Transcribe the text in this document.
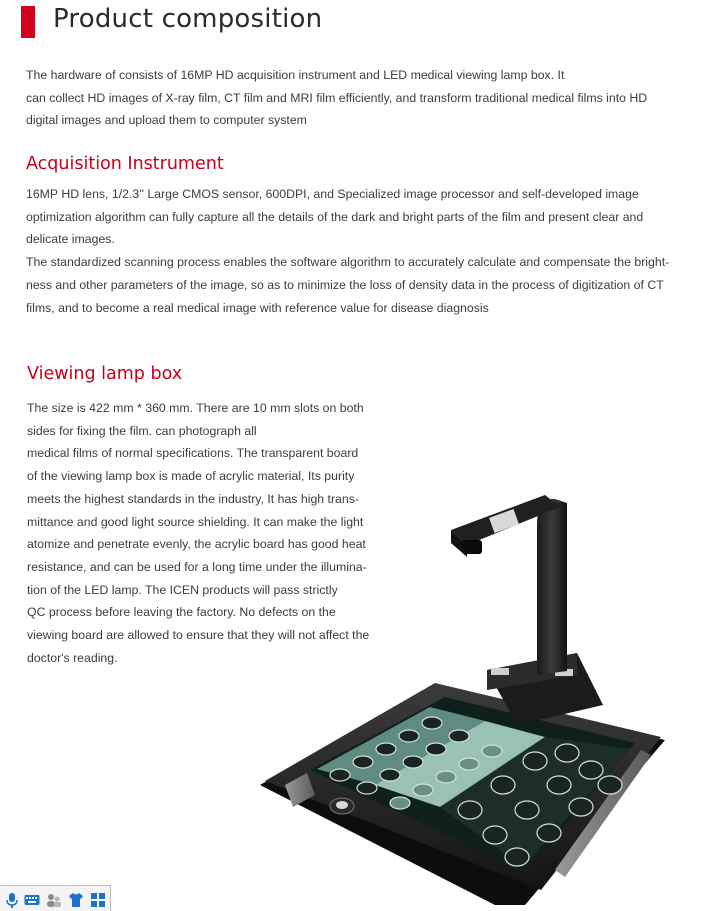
Product composition

The hardware of consists of 16MP HD acquisition instrument and LED medical viewing lamp box. It
can collect HD images of X-ray film, CT film and MRI film efficiently, and transform traditional medical films into HD
digital images and upload them to computer system

Acquisition Instrument

16MP HD lens, 1/2.3'' Large CMOS sensor, 600DPI, and Specialized image processor and self-developed image
optimization algorithm can fully capture all the details of the dark and bright parts of the film and present clear and
delicate images.
The standardized scanning process enables the software algorithm to accurately calculate and compensate the bright-
ness and other parameters of the image, so as to minimize the loss of density data in the process of digitization of CT
films, and to become a real medical image with reference value for disease diagnosis

Viewing lamp box

The size is 422 mm * 360 mm. There are 10 mm slots on both
sides for fixing the film. can photograph all
medical films of normal specifications. The transparent board
of the viewing lamp box is made of acrylic material, Its purity
meets the highest standards in the industry, It has high trans-
mittance and good light source shielding. It can make the light
atomize and penetrate evenly, the acrylic board has good heat
resistance, and can be used for a long time under the illumina-
tion of the LED lamp. The ICEN products will pass strictly
QC process before leaving the factory. No defects on the
viewing board are allowed to ensure that they will not affect the
doctor's reading.
